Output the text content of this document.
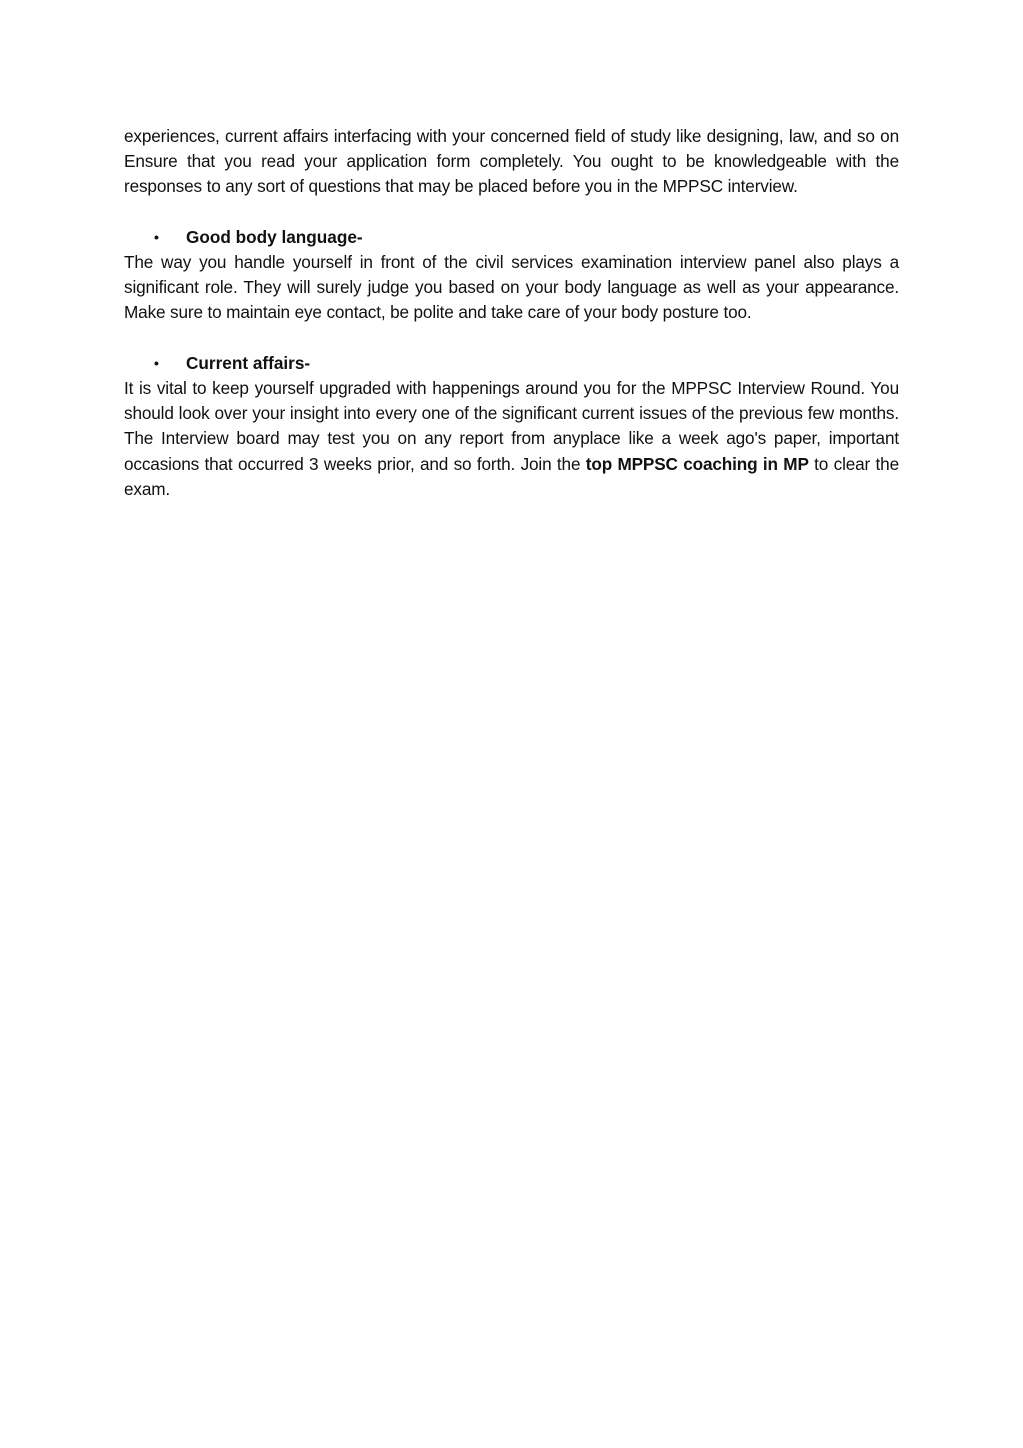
experiences, current affairs interfacing with your concerned field of study like designing, law, and so on Ensure that you read your application form completely. You ought to be knowledgeable with the responses to any sort of questions that may be placed before you in the MPPSC interview.

• Good body language-

The way you handle yourself in front of the civil services examination interview panel also plays a significant role. They will surely judge you based on your body language as well as your appearance. Make sure to maintain eye contact, be polite and take care of your body posture too.

• Current affairs-

It is vital to keep yourself upgraded with happenings around you for the MPPSC Interview Round. You should look over your insight into every one of the significant current issues of the previous few months. The Interview board may test you on any report from anyplace like a week ago's paper, important occasions that occurred 3 weeks prior, and so forth. Join the top MPPSC coaching in MP to clear the exam.
